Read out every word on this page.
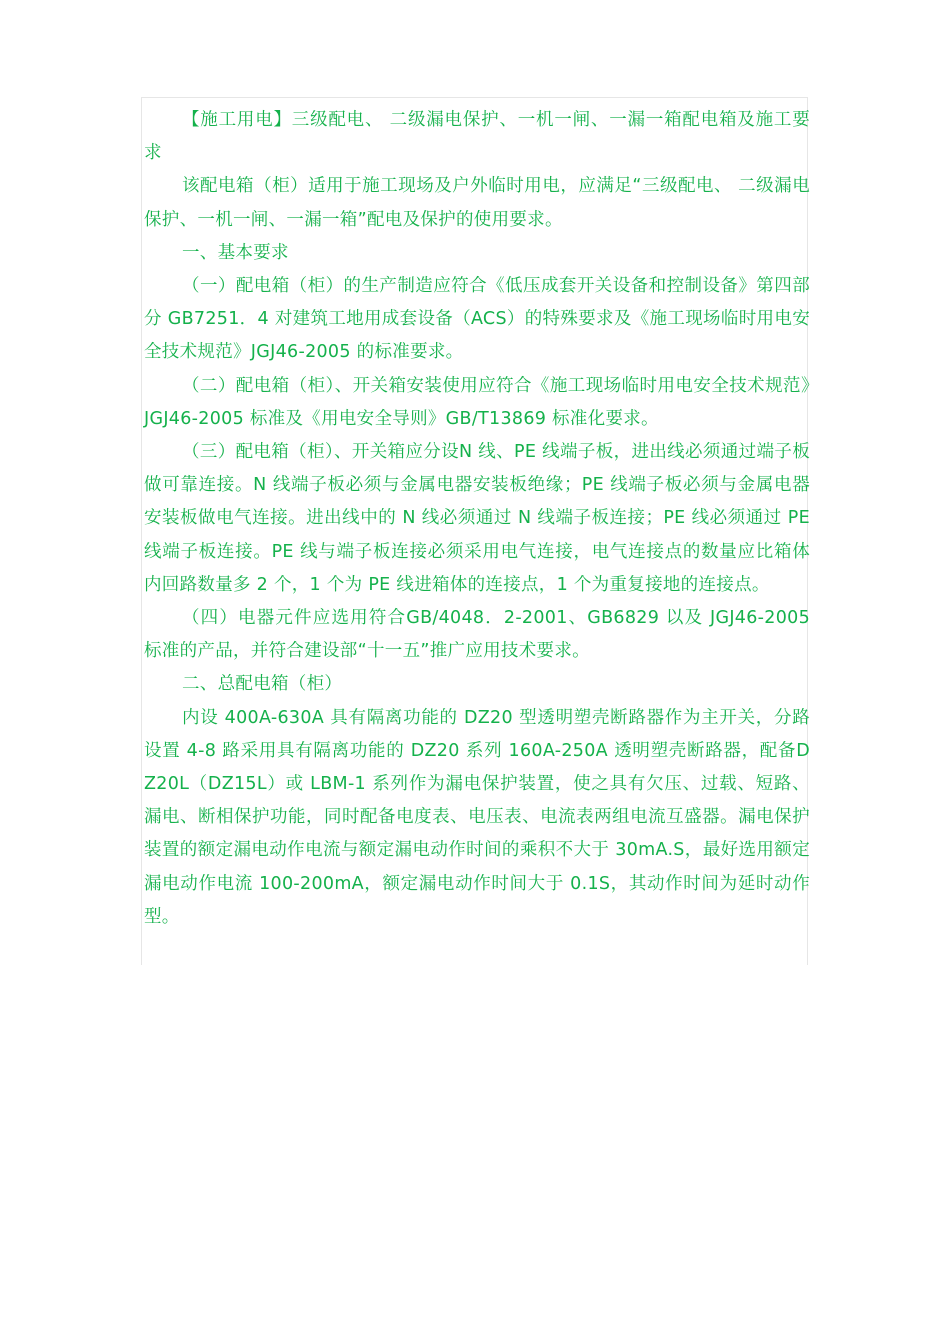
【施工用电】三级配电、 二级漏电保护、一机一闸、一漏一箱配电箱及施工要求

该配电箱（柜）适用于施工现场及户外临时用电，应满足“三级配电、 二级漏电保护、一机一闸、一漏一箱”配电及保护的使用要求。

一、基本要求

（一）配电箱（柜）的生产制造应符合《低压成套开关设备和控制设备》第四部分 GB7251．4 对建筑工地用成套设备（ACS）的特殊要求及《施工现场临时用电安全技术规范》JGJ46-2005 的标准要求。

（二）配电箱（柜）、开关箱安装使用应符合《施工现场临时用电安全技术规范》JGJ46-2005 标准及《用电安全导则》GB/T13869 标准化要求。

（三）配电箱（柜）、开关箱应分设N 线、PE 线端子板，进出线必须通过端子板做可靠连接。N 线端子板必须与金属电器安装板绝缘；PE 线端子板必须与金属电器安装板做电气连接。进出线中的 N 线必须通过 N 线端子板连接；PE 线必须通过 PE 线端子板连接。PE 线与端子板连接必须采用电气连接，电气连接点的数量应比箱体内回路数量多 2 个，1 个为 PE 线进箱体的连接点，1 个为重复接地的连接点。

（四）电器元件应选用符合GB/4048．2-2001、GB6829 以及 JGJ46-2005 标准的产品，并符合建设部“十一五”推广应用技术要求。

二、总配电箱（柜）

内设 400A-630A 具有隔离功能的 DZ20 型透明塑壳断路器作为主开关，分路设置 4-8 路采用具有隔离功能的 DZ20 系列 160A-250A 透明塑壳断路器，配备DZ20L（DZ15L）或 LBM-1 系列作为漏电保护装置，使之具有欠压、过载、短路、漏电、断相保护功能，同时配备电度表、电压表、电流表两组电流互盛器。漏电保护装置的额定漏电动作电流与额定漏电动作时间的乘积不大于 30mA.S，最好选用额定漏电动作电流 100-200mA，额定漏电动作时间大于 0.1S，其动作时间为延时动作型。
